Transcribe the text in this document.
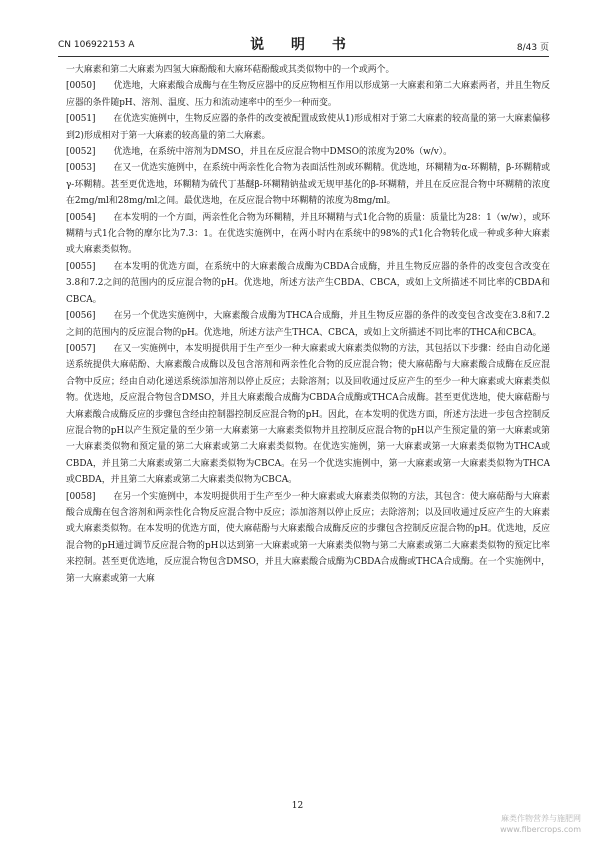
CN 106922153 A	说 明 书	8/43 页

一大麻素和第二大麻素为四氢大麻酚酸和大麻环萜酚酸或其类似物中的一个或两个。

[0050] 优选地，大麻素酸合成酶与在生物反应器中的反应物相互作用以形成第一大麻素和第二大麻素两者，并且生物反应器的条件随pH、溶剂、温度、压力和流动速率中的至少一种而变。

[0051] 在优选实施例中，生物反应器的条件的改变被配置成致使从1)形成相对于第二大麻素的较高量的第一大麻素偏移到2)形成相对于第一大麻素的较高量的第二大麻素。

[0052] 优选地，在系统中溶剂为DMSO，并且在反应混合物中DMSO的浓度为20%（w/v）。

[0053] 在又一优选实施例中，在系统中两亲性化合物为表面活性剂或环糊精。优选地，环糊精为α-环糊精，β-环糊精或γ-环糊精。甚至更优选地，环糊精为硫代丁基醚β-环糊精钠盐或无规甲基化的β-环糊精，并且在反应混合物中环糊精的浓度在2mg/ml和28mg/ml之间。最优选地，在反应混合物中环糊精的浓度为8mg/ml。

[0054] 在本发明的一个方面，两亲性化合物为环糊精，并且环糊精与式1化合物的质量：质量比为28：1（w/w），或环糊精与式1化合物的摩尔比为7.3：1。在优选实施例中，在两小时内在系统中的98%的式1化合物转化成一种或多种大麻素或大麻素类似物。

[0055] 在本发明的优选方面，在系统中的大麻素酸合成酶为CBDA合成酶，并且生物反应器的条件的改变包含改变在3.8和7.2之间的范围内的反应混合物的pH。优选地，所述方法产生CBDA、CBCA，或如上文所描述不同比率的CBDA和CBCA。

[0056] 在另一个优选实施例中，大麻素酸合成酶为THCA合成酶，并且生物反应器的条件的改变包含改变在3.8和7.2之间的范围内的反应混合物的pH。优选地，所述方法产生THCA、CBCA，或如上文所描述不同比率的THCA和CBCA。

[0057] 在又一实施例中，本发明提供用于生产至少一种大麻素或大麻素类似物的方法，其包括以下步骤：经由自动化递送系统提供大麻萜酚、大麻素酸合成酶以及包含溶剂和两亲性化合物的反应混合物；使大麻萜酚与大麻素酸合成酶在反应混合物中反应；经由自动化递送系统添加溶剂以停止反应；去除溶剂；以及回收通过反应产生的至少一种大麻素或大麻素类似物。优选地，反应混合物包含DMSO，并且大麻素酸合成酶为CBDA合成酶或THCA合成酶。甚至更优选地，使大麻萜酚与大麻素酸合成酶反应的步骤包含经由控制器控制反应混合物的pH。因此，在本发明的优选方面，所述方法进一步包含控制反应混合物的pH以产生预定量的至少第一大麻素第一大麻素类似物并且控制反应混合物的pH以产生预定量的第一大麻素或第一大麻素类似物和预定量的第二大麻素或第二大麻素类似物。在优选实施例，第一大麻素或第一大麻素类似物为THCA或CBDA，并且第二大麻素或第二大麻素类似物为CBCA。在另一个优选实施例中，第一大麻素或第一大麻素类似物为THCA或CBDA，并且第二大麻素或第二大麻素类似物为CBCA。

[0058] 在另一个实施例中，本发明提供用于生产至少一种大麻素或大麻素类似物的方法，其包含：使大麻萜酚与大麻素酸合成酶在包含溶剂和两亲性化合物反应混合物中反应；添加溶剂以停止反应；去除溶剂；以及回收通过反应产生的大麻素或大麻素类似物。在本发明的优选方面，使大麻萜酚与大麻素酸合成酶反应的步骤包含控制反应混合物的pH。优选地，反应混合物的pH通过调节反应混合物的pH以达到第一大麻素或第一大麻素类似物与第二大麻素或第二大麻素类似物的预定比率来控制。甚至更优选地，反应混合物包含DMSO，并且大麻素酸合成酶为CBDA合成酶或THCA合成酶。在一个实施例中，第一大麻素或第一大麻

12
麻类作物营养与施肥网
www.fibercrops.com
